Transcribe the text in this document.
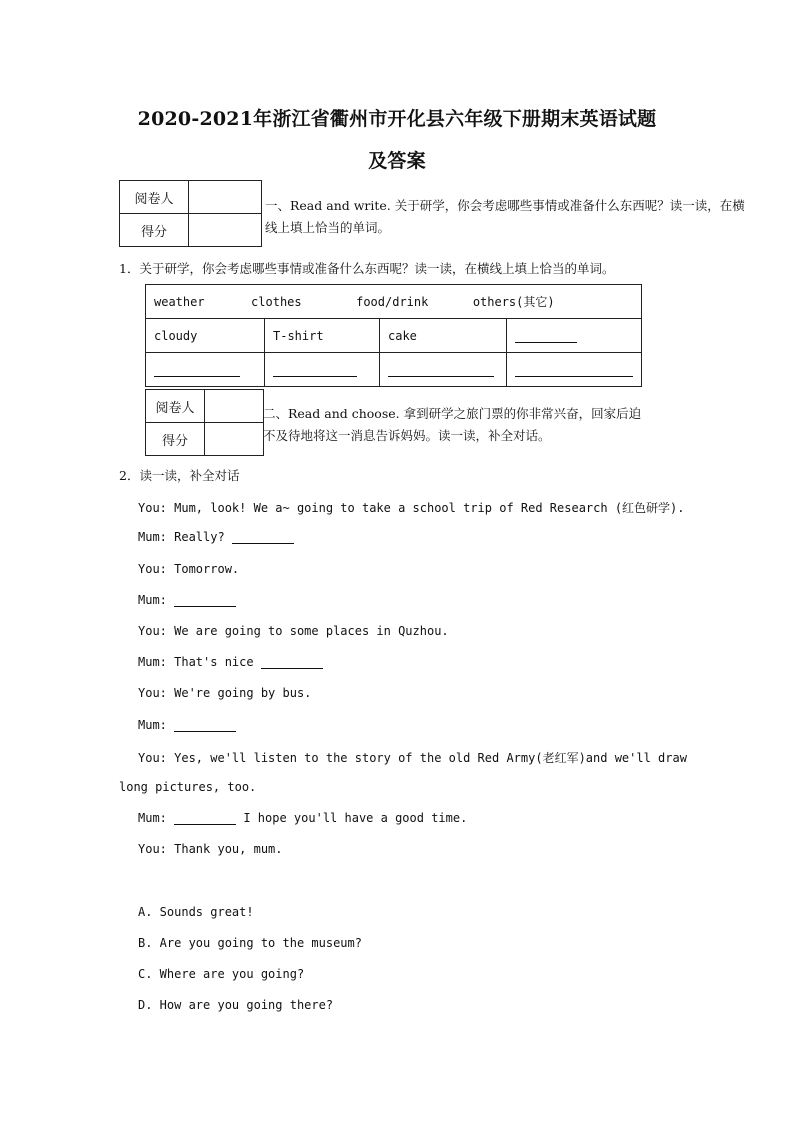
2020-2021年浙江省衢州市开化县六年级下册期末英语试题
及答案
阅卷人	
得分	
一、Read and write. 关于研学，你会考虑哪些事情或准备什么东西呢？读一读，在横
线上填上恰当的单词。
1．关于研学，你会考虑哪些事情或准备什么东西呢？读一读，在横线上填上恰当的单词。
weather clothes food/drink others(其它)			
cloudy	T-shirt	cake	

阅卷人	
得分	
二、Read and choose. 拿到研学之旅门票的你非常兴奋，回家后迫
不及待地将这一消息告诉妈妈。读一读，补全对话。
2．读一读，补全对话
You: Mum, look! We a~ going to take a school trip of Red Research (红色研学).
Mum: Really?
You: Tomorrow.
Mum:
You: We are going to some places in Quzhou.
Mum: That's nice
You: We're going by bus.
Mum:
You: Yes, we'll listen to the story of the old Red Army(老红军)and we'll draw
long pictures, too.
Mum:	I hope you'll have a good time.
You: Thank you, mum.
A. Sounds great!
B. Are you going to the museum?
C. Where are you going?
D. How are you going there?
